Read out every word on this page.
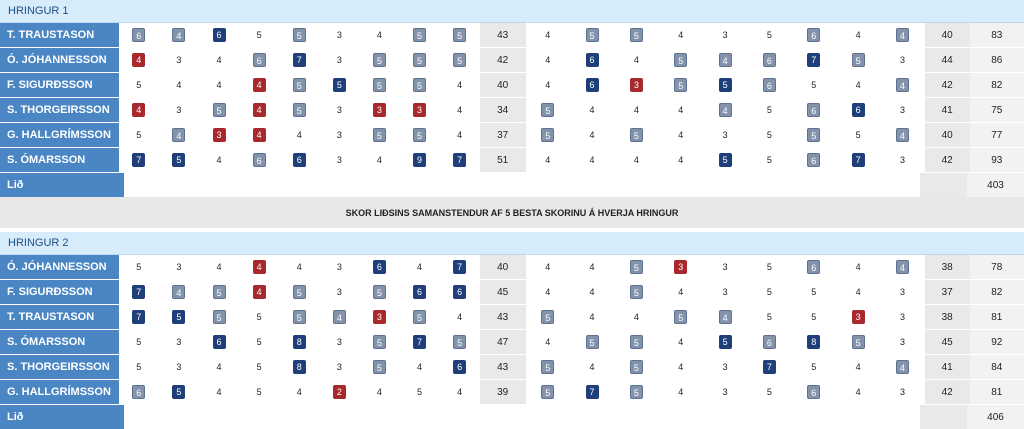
HRINGUR 1
T. TRAUSTASON	6	4	6	5	5	3	4	5	5	43	4	5	5	4	3	5	6	4	4	40	83
Ó. JÓHANNESSON	4	3	4	6	7	3	5	5	5	42	4	6	4	5	4	6	7	5	3	44	86
F. SIGURÐSSON	5	4	4	4	5	5	5	5	4	40	4	6	3	5	5	6	5	4	4	42	82
S. THORGEIRSSON	4	3	5	4	5	3	3	3	4	34	5	4	4	4	4	5	6	6	3	41	75
G. HALLGRÍMSSON	5	4	3	4	4	3	5	5	4	37	5	4	5	4	3	5	5	5	4	40	77
S. ÓMARSSON	7	5	4	6	6	3	4	9	7	51	4	4	4	4	5	5	6	7	3	42	93
Lið	403
SKOR LIÐSINS SAMANSTENDUR AF 5 BESTA SKORINU Á HVERJA HRINGUR
HRINGUR 2
Ó. JÓHANNESSON	5	3	4	4	4	3	6	4	7	40	4	4	5	3	3	5	6	4	4	38	78
F. SIGURÐSSON	7	4	5	4	5	3	5	6	6	45	4	4	5	4	3	5	5	4	3	37	82
T. TRAUSTASON	7	5	5	5	5	4	3	5	4	43	5	4	4	5	4	5	5	3	3	38	81
S. ÓMARSSON	5	3	6	5	8	3	5	7	5	47	4	5	5	4	5	6	8	5	3	45	92
S. THORGEIRSSON	5	3	4	5	8	3	5	4	6	43	5	4	5	4	3	7	5	4	4	41	84
G. HALLGRÍMSSON	6	5	4	5	4	2	4	5	4	39	5	7	5	4	3	5	6	4	3	42	81
Lið	406
